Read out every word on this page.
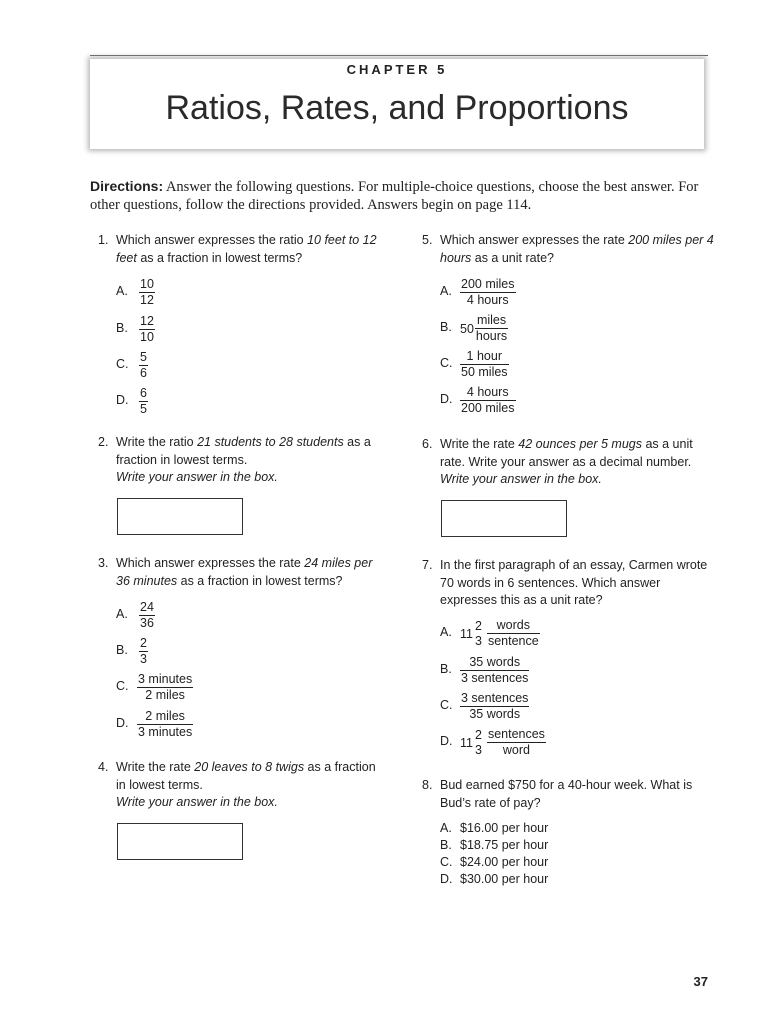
CHAPTER 5
Ratios, Rates, and Proportions
Directions: Answer the following questions. For multiple-choice questions, choose the best answer. For other questions, follow the directions provided. Answers begin on page 114.
1. Which answer expresses the ratio 10 feet to 12 feet as a fraction in lowest terms?

A. $\frac{10}{12}$
B. $\frac{12}{10}$
C. $\frac{5}{6}$
D. $\frac{6}{5}$
2. Write the ratio 21 students to 28 students as a fraction in lowest terms.

Write your answer in the box.

3. Which answer expresses the rate 24 miles per 36 minutes as a fraction in lowest terms?

A. $\frac{24}{36}$
B. $\frac{2}{3}$
C. $\frac{\text{3 minutes}}{\text{2 miles}}$
D. $\frac{\text{2 miles}}{\text{3 minutes}}$
4. Write the rate 20 leaves to 8 twigs as a fraction in lowest terms.

Write your answer in the box.

5. Which answer expresses the rate 200 miles per 4 hours as a unit rate?

A. $\frac{\text{200 miles}}{\text{4 hours}}$
B. $50 \frac{\text{miles}}{\text{hours}}$
C. $\frac{\text{1 hour}}{\text{50 miles}}$
D. $\frac{\text{4 hours}}{\text{200 miles}}$
6. Write the rate 42 ounces per 5 mugs as a unit rate. Write your answer as a decimal number.

Write your answer in the box.

7. In the first paragraph of an essay, Carmen wrote 70 words in 6 sentences. Which answer expresses this as a unit rate?

A. 11
2
$3 \frac{\text{words}}{\text{sentence}}$
B. $\frac{\text{35 words}}{\text{3 sentences}}$
C. $\frac{\text{3 sentences}}{\text{35 words}}$
D. 11
2
$3 \frac{\text{sentences}}{\text{word}}$
8. Bud earned $750 for a 40-hour week. What is Bud’s rate of pay?

A. $16.00 per hour
B. $18.75 per hour
C. $24.00 per hour
D. $30.00 per hour
37
